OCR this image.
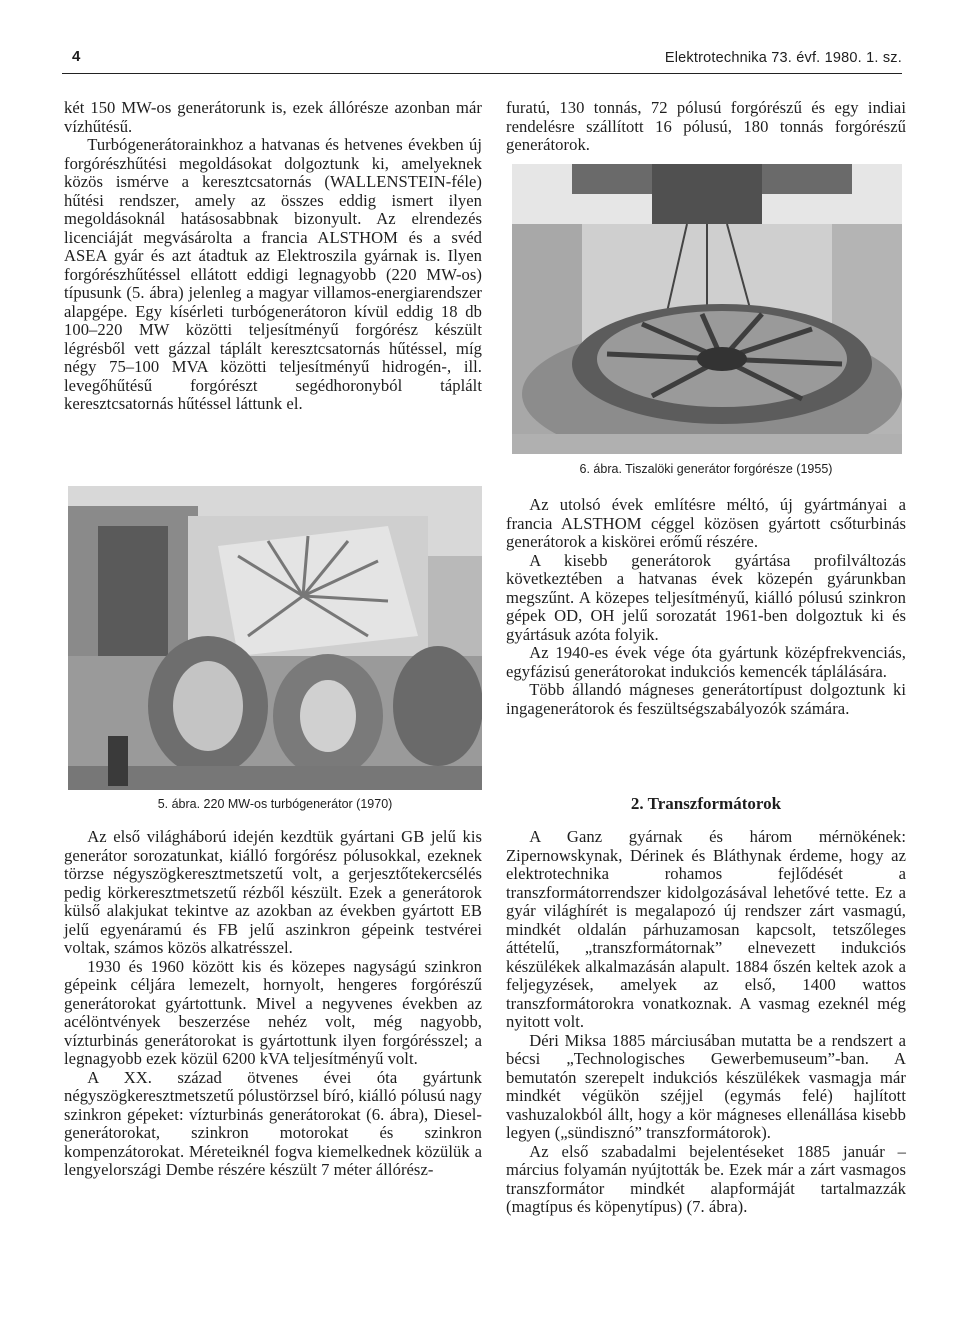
4	Elektrotechnika 73. évf. 1980. 1. sz.

két 150 MW-os generátorunk is, ezek állórésze azonban már vízhűtésű.

Turbógenerátorainkhoz a hatvanas és hetvenes években új forgórészhűtési megoldásokat dolgoztunk ki, amelyeknek közös ismérve a keresztcsatornás (WALLENSTEIN-féle) hűtési rendszer, amely az összes eddig ismert ilyen megoldásoknál hatásosabbnak bizonyult. Az elrendezés licenciáját megvásárolta a francia ALSTHOM és a svéd ASEA gyár és azt átadtuk az Elektroszila gyárnak is. Ilyen forgórészhűtéssel ellátott eddigi legnagyobb (220 MW-os) típusunk (5. ábra) jelenleg a magyar villamos-energiarendszer alapgépe. Egy kísérleti turbógenerátoron kívül eddig 18 db 100–220 MW közötti teljesítményű forgórész készült légrésből vett gázzal táplált keresztcsatornás hűtéssel, míg négy 75–100 MVA közötti teljesítményű hidrogén-, ill. levegőhűtésű forgórészt segédhoronyból táplált keresztcsatornás hűtéssel láttunk el.

5. ábra. 220 MW-os turbógenerátor (1970)

Az első világháború idején kezdtük gyártani GB jelű kis generátor sorozatunkat, kiálló forgórész pólusokkal, ezeknek törzse négyszögkeresztmetszetű volt, a gerjesztőtekercsélés pedig körkeresztmetszetű rézből készült. Ezek a generátorok külső alakjukat tekintve az azokban az években gyártott EB jelű egyenáramú és FB jelű aszinkron gépeink testvérei voltak, számos közös alkatrésszel.

1930 és 1960 között kis és közepes nagyságú szinkron gépeink céljára lemezelt, hornyolt, hengeres forgórészű generátorokat gyártottunk. Mivel a negyvenes években az acélöntvények beszerzése nehéz volt, még nagyobb, vízturbinás generátorokat is gyártottunk ilyen forgórésszel; a legnagyobb ezek közül 6200 kVA teljesítményű volt.

A XX. század ötvenes évei óta gyártunk négyszögkeresztmetszetű pólustörzsel bíró, kiálló pólusú nagy szinkron gépeket: vízturbinás generátorokat (6. ábra), Diesel-generátorokat, szinkron motorokat és szinkron kompenzátorokat. Méreteiknél fogva kiemelkednek közülük a lengyelországi Dembe részére készült 7 méter állórész-

furatú, 130 tonnás, 72 pólusú forgórészű és egy indiai rendelésre szállított 16 pólusú, 180 tonnás forgórészű generátorok.

6. ábra. Tiszalöki generátor forgórésze (1955)

Az utolsó évek említésre méltó, új gyártmányai a francia ALSTHOM céggel közösen gyártott csőturbinás generátorok a kiskörei erőmű részére.

A kisebb generátorok gyártása profilváltozás következtében a hatvanas évek közepén gyárunkban megszűnt. A közepes teljesítményű, kiálló pólusú szinkron gépek OD, OH jelű sorozatát 1961-ben dolgoztuk ki és gyártásuk azóta folyik.

Az 1940-es évek vége óta gyártunk középfrekvenciás, egyfázisú generátorokat indukciós kemencék táplálására.

Több állandó mágneses generátortípust dolgoztunk ki ingagenerátorok és feszültségszabályozók számára.

2. Transzformátorok

A Ganz gyárnak és három mérnökének: Zipernowskynak, Dérinek és Bláthynak érdeme, hogy az elektrotechnika rohamos fejlődését a transzformátorrendszer kidolgozásával lehetővé tette. Ez a gyár világhírét is megalapozó új rendszer zárt vasmagú, mindkét oldalán párhuzamosan kapcsolt, tetszőleges áttételű, „transzformátornak” elnevezett indukciós készülékek alkalmazásán alapult. 1884 őszén keltek azok a feljegyzések, amelyek az első, 1400 wattos transzformátorokra vonatkoznak. A vasmag ezeknél még nyitott volt.

Déri Miksa 1885 márciusában mutatta be a rendszert a bécsi „Technologisches Gewerbemuseum”-ban. A bemutatón szerepelt indukciós készülékek vasmagja már mindkét végükön széjjel (egymás felé) hajlított vashuzalokból állt, hogy a kör mágneses ellenállása kisebb legyen („sündisznó” transzformátorok).

Az első szabadalmi bejelentéseket 1885 január – március folyamán nyújtották be. Ezek már a zárt vasmagos transzformátor mindkét alapformáját tartalmazzák (magtípus és köpenytípus) (7. ábra).
